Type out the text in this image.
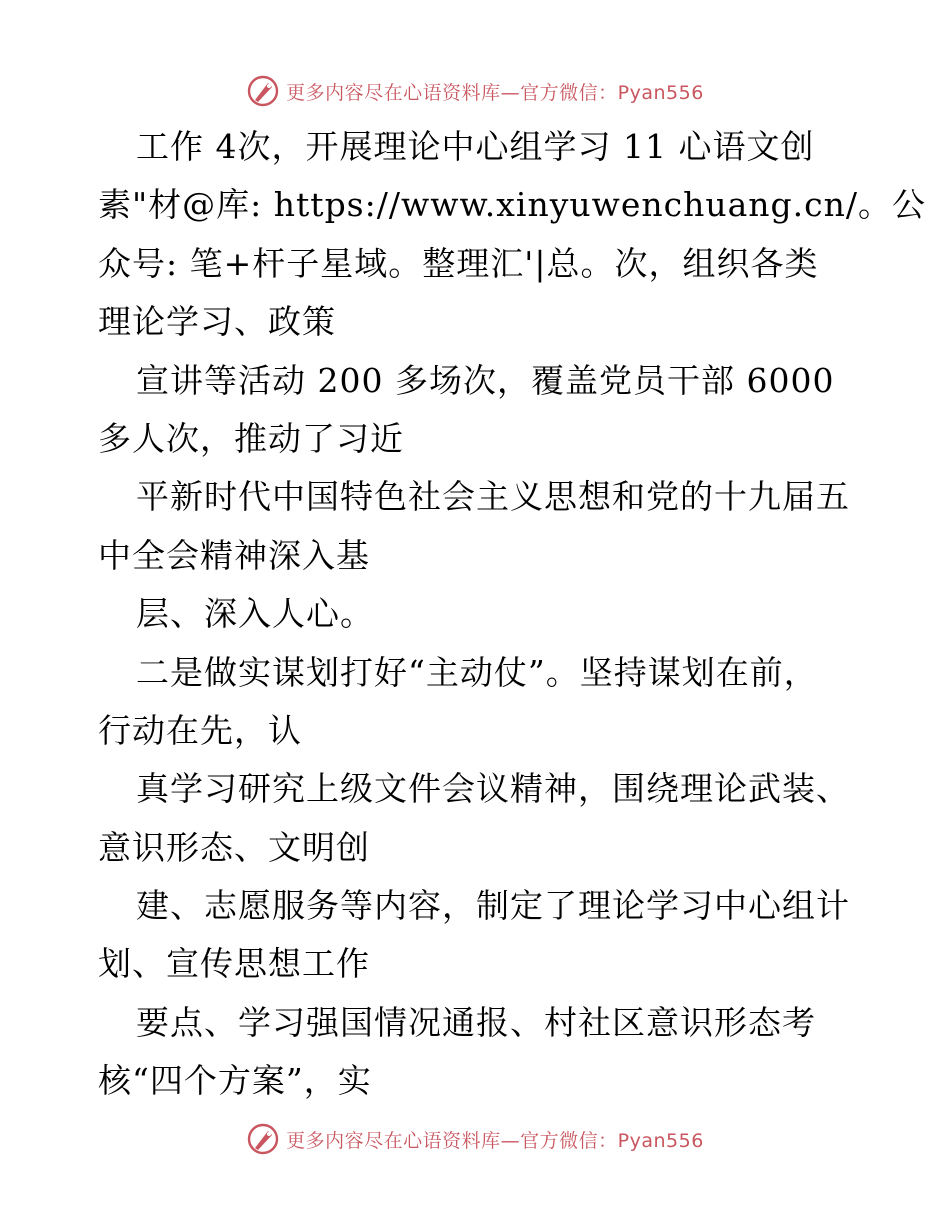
更多内容尽在心语资料库—官方微信：Pyan556
工作 4次，开展理论中心组学习 11 心语文创
素"材@库: https://www.xinyuwenchuang.cn/。公
众号: 笔+杆子星域。整理汇'|总。次，组织各类
理论学习、政策
宣讲等活动 200 多场次，覆盖党员干部 6000
多人次，推动了习近
平新时代中国特色社会主义思想和党的十九届五
中全会精神深入基
层、深入人心。
二是做实谋划打好“主动仗”。坚持谋划在前，
行动在先，认
真学习研究上级文件会议精神，围绕理论武装、
意识形态、文明创
建、志愿服务等内容，制定了理论学习中心组计
划、宣传思想工作
要点、学习强国情况通报、村社区意识形态考
核“四个方案”，实
更多内容尽在心语资料库—官方微信：Pyan556
